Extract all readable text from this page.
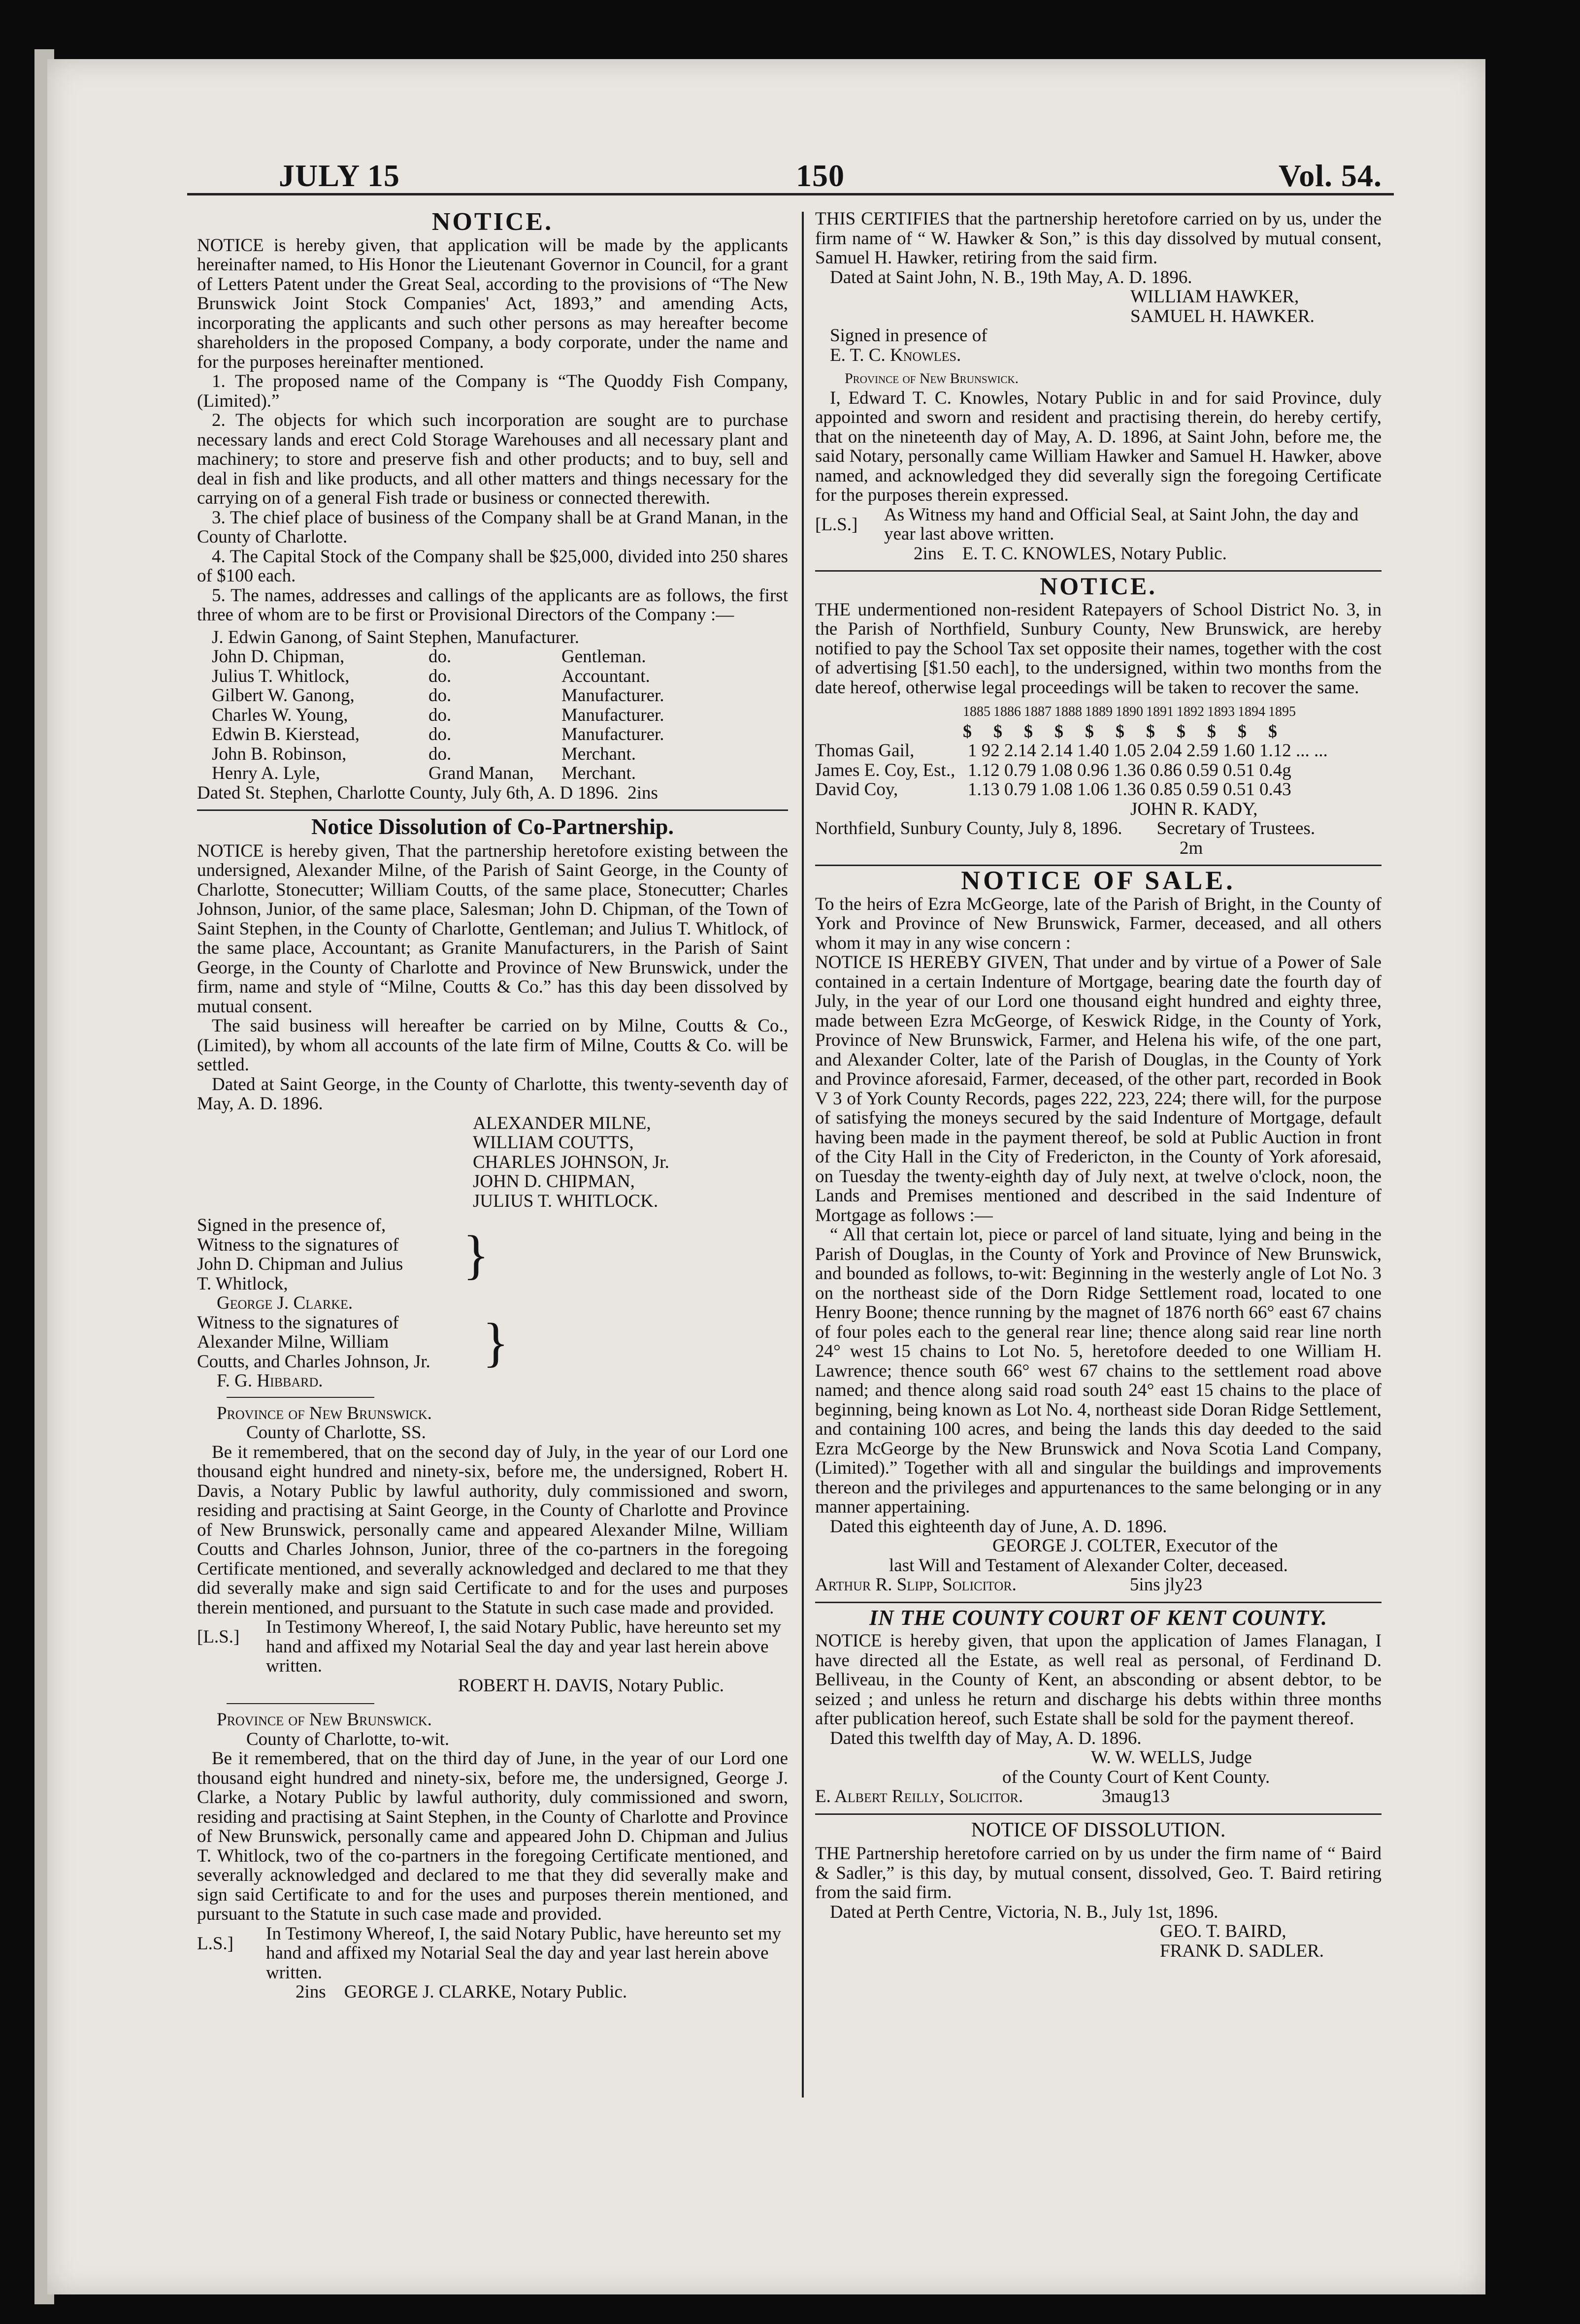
JULY 15	150	Vol. 54.
NOTICE.

NOTICE is hereby given, that application will be made by the applicants hereinafter named, to His Honor the Lieutenant Governor in Council, for a grant of Letters Patent under the Great Seal, according to the provisions of “The New Brunswick Joint Stock Companies' Act, 1893,” and amending Acts, incorporating the applicants and such other persons as may hereafter become shareholders in the proposed Company, a body corporate, under the name and for the purposes hereinafter mentioned.

1. The proposed name of the Company is “The Quoddy Fish Company, (Limited).”

2. The objects for which such incorporation are sought are to purchase necessary lands and erect Cold Storage Warehouses and all necessary plant and machinery; to store and preserve fish and other products; and to buy, sell and deal in fish and like products, and all other matters and things necessary for the carrying on of a general Fish trade or business or connected therewith.

3. The chief place of business of the Company shall be at Grand Manan, in the County of Charlotte.

4. The Capital Stock of the Company shall be $25,000, divided into 250 shares of $100 each.

5. The names, addresses and callings of the applicants are as follows, the first three of whom are to be first or Provisional Directors of the Company :—

J. Edwin Ganong, of Saint Stephen, Manufacturer.
John D. Chipman,	do.	Gentleman.
Julius T. Whitlock,	do.	Accountant.
Gilbert W. Ganong,	do.	Manufacturer.
Charles W. Young,	do.	Manufacturer.
Edwin B. Kierstead,	do.	Manufacturer.
John B. Robinson,	do.	Merchant.
Henry A. Lyle,	Grand Manan,	Merchant.
Dated St. Stephen, Charlotte County, July 6th, A. D 1896.
2ins
Notice Dissolution of Co-Partnership.

NOTICE is hereby given, That the partnership heretofore existing between the undersigned, Alexander Milne, of the Parish of Saint George, in the County of Charlotte, Stonecutter; William Coutts, of the same place, Stonecutter; Charles Johnson, Junior, of the same place, Salesman; John D. Chipman, of the Town of Saint Stephen, in the County of Charlotte, Gentleman; and Julius T. Whitlock, of the same place, Accountant; as Granite Manufacturers, in the Parish of Saint George, in the County of Charlotte and Province of New Brunswick, under the firm, name and style of “Milne, Coutts & Co.” has this day been dissolved by mutual consent.

The said business will hereafter be carried on by Milne, Coutts & Co., (Limited), by whom all accounts of the late firm of Milne, Coutts & Co. will be settled.

Dated at Saint George, in the County of Charlotte, this twenty-seventh day of May, A. D. 1896.

ALEXANDER MILNE,
WILLIAM COUTTS,
CHARLES JOHNSON, Jr.
JOHN D. CHIPMAN,
JULIUS T. WHITLOCK.
Signed in the presence of,
Witness to the signatures of
John D. Chipman and Julius
T. Whitlock,	}
George J. Clarke.
Witness to the signatures of
Alexander Milne, William
Coutts, and Charles Johnson, Jr. }
F. G. Hibbard.
Province of New Brunswick.
County of Charlotte, SS.

Be it remembered, that on the second day of July, in the year of our Lord one thousand eight hundred and ninety-six, before me, the undersigned, Robert H. Davis, a Notary Public by lawful authority, duly commissioned and sworn, residing and practising at Saint George, in the County of Charlotte and Province of New Brunswick, personally came and appeared Alexander Milne, William Coutts and Charles Johnson, Junior, three of the co-partners in the foregoing Certificate mentioned, and severally acknowledged and declared to me that they did severally make and sign said Certificate to and for the uses and purposes therein mentioned, and pursuant to the Statute in such case made and provided.

[L.S.]	In Testimony Whereof, I, the said Notary Public, have hereunto set my hand and affixed my Notarial Seal the day and year last herein above written.
ROBERT H. DAVIS, Notary Public.
Province of New Brunswick.
County of Charlotte, to-wit.

Be it remembered, that on the third day of June, in the year of our Lord one thousand eight hundred and ninety-six, before me, the undersigned, George J. Clarke, a Notary Public by lawful authority, duly commissioned and sworn, residing and practising at Saint Stephen, in the County of Charlotte and Province of New Brunswick, personally came and appeared John D. Chipman and Julius T. Whitlock, two of the co-partners in the foregoing Certificate mentioned, and severally acknowledged and declared to me that they did severally make and sign said Certificate to and for the uses and purposes therein mentioned, and pursuant to the Statute in such case made and provided.

L.S.]	In Testimony Whereof, I, the said Notary Public, have hereunto set my hand and affixed my Notarial Seal the day and year last herein above written.
2ins
GEORGE J. CLARKE, Notary Public.

THIS CERTIFIES that the partnership heretofore carried on by us, under the firm name of “ W. Hawker & Son,” is this day dissolved by mutual consent, Samuel H. Hawker, retiring from the said firm.

Dated at Saint John, N. B., 19th May, A. D. 1896.

WILLIAM HAWKER,
SAMUEL H. HAWKER.
Signed in presence of
E. T. C. Knowles.
Province of New Brunswick.

I, Edward T. C. Knowles, Notary Public in and for said Province, duly appointed and sworn and resident and practising therein, do hereby certify, that on the nineteenth day of May, A. D. 1896, at Saint John, before me, the said Notary, personally came William Hawker and Samuel H. Hawker, above named, and acknowledged they did severally sign the foregoing Certificate for the purposes therein expressed.

[L.S.]	As Witness my hand and Official Seal, at Saint John, the day and year last above written.
2ins
E. T. C. KNOWLES, Notary Public.
NOTICE.

THE undermentioned non-resident Ratepayers of School District No. 3, in the Parish of Northfield, Sunbury County, New Brunswick, are hereby notified to pay the School Tax set opposite their names, together with the cost of advertising [$1.50 each], to the undersigned, within two months from the date hereof, otherwise legal proceedings will be taken to recover the same.

1885 1886 1887 1888 1889 1890 1891 1892 1893 1894 1895
$	$	$	$	$	$	$	$	$	$	$
Thomas Gail,	1 92 2.14 2.14 1.40 1.05 2.04 2.59 1.60 1.12 ... ...
James E. Coy, Est., 1.12 0.79 1.08 0.96 1.36 0.86 0.59 0.51 0.4g
David Coy,	1.13 0.79 1.08 1.06 1.36 0.85 0.59 0.51 0.43
JOHN R. KADY,
Northfield, Sunbury County, July 8, 1896. Secretary of Trustees.
2m
NOTICE OF SALE.

To the heirs of Ezra McGeorge, late of the Parish of Bright, in the County of York and Province of New Brunswick, Farmer, deceased, and all others whom it may in any wise concern :

NOTICE IS HEREBY GIVEN, That under and by virtue of a Power of Sale contained in a certain Indenture of Mortgage, bearing date the fourth day of July, in the year of our Lord one thousand eight hundred and eighty three, made between Ezra McGeorge, of Keswick Ridge, in the County of York, Province of New Brunswick, Farmer, and Helena his wife, of the one part, and Alexander Colter, late of the Parish of Douglas, in the County of York and Province aforesaid, Farmer, deceased, of the other part, recorded in Book V 3 of York County Records, pages 222, 223, 224; there will, for the purpose of satisfying the moneys secured by the said Indenture of Mortgage, default having been made in the payment thereof, be sold at Public Auction in front of the City Hall in the City of Fredericton, in the County of York aforesaid, on Tuesday the twenty-eighth day of July next, at twelve o'clock, noon, the Lands and Premises mentioned and described in the said Indenture of Mortgage as follows :—

“ All that certain lot, piece or parcel of land situate, lying and being in the Parish of Douglas, in the County of York and Province of New Brunswick, and bounded as follows, to-wit: Beginning in the westerly angle of Lot No. 3 on the northeast side of the Dorn Ridge Settlement road, located to one Henry Boone; thence running by the magnet of 1876 north 66° east 67 chains of four poles each to the general rear line; thence along said rear line north 24° west 15 chains to Lot No. 5, heretofore deeded to one William H. Lawrence; thence south 66° west 67 chains to the settlement road above named; and thence along said road south 24° east 15 chains to the place of beginning, being known as Lot No. 4, northeast side Doran Ridge Settlement, and containing 100 acres, and being the lands this day deeded to the said Ezra McGeorge by the New Brunswick and Nova Scotia Land Company, (Limited).” Together with all and singular the buildings and improvements thereon and the privileges and appurtenances to the same belonging or in any manner appertaining.

Dated this eighteenth day of June, A. D. 1896.

GEORGE J. COLTER, Executor of the
last Will and Testament of Alexander Colter, deceased.
Arthur R. Slipp, Solicitor.	5ins jly23
IN THE COUNTY COURT OF KENT COUNTY.

NOTICE is hereby given, that upon the application of James Flanagan, I have directed all the Estate, as well real as personal, of Ferdinand D. Belliveau, in the County of Kent, an absconding or absent debtor, to be seized ; and unless he return and discharge his debts within three months after publication hereof, such Estate shall be sold for the payment thereof.

Dated this twelfth day of May, A. D. 1896.

W. W. WELLS, Judge
of the County Court of Kent County.
E. Albert Reilly, Solicitor.	3maug13
NOTICE OF DISSOLUTION.

THE Partnership heretofore carried on by us under the firm name of “ Baird & Sadler,” is this day, by mutual consent, dissolved, Geo. T. Baird retiring from the said firm.

Dated at Perth Centre, Victoria, N. B., July 1st, 1896.

GEO. T. BAIRD,
FRANK D. SADLER.
